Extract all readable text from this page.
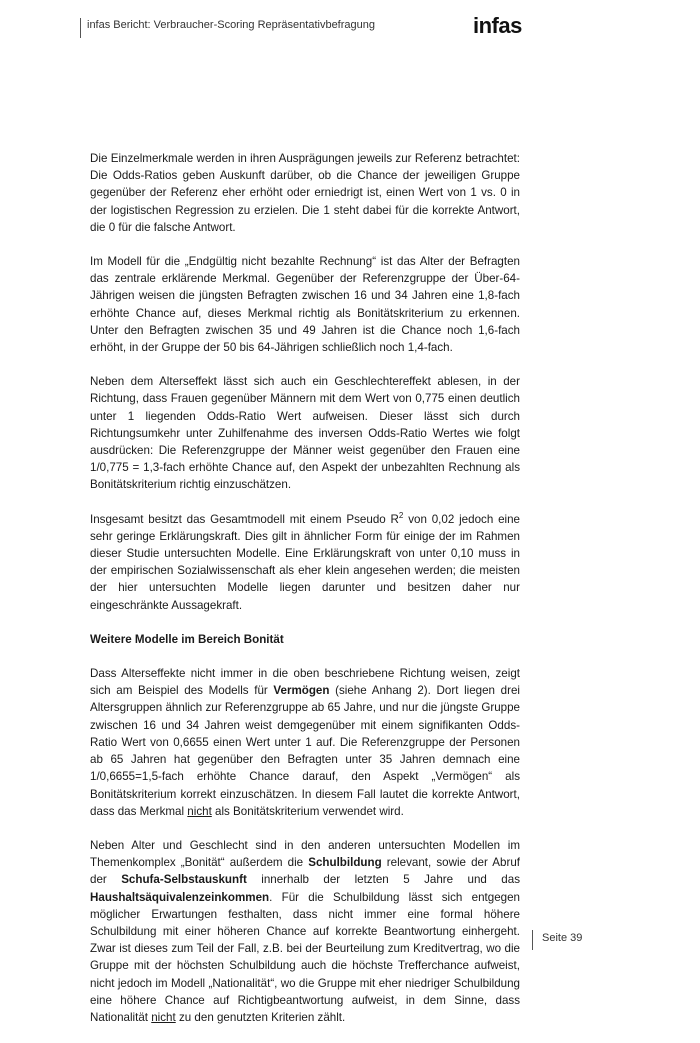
infas Bericht: Verbraucher-Scoring Repräsentativbefragung	infas

Die Einzelmerkmale werden in ihren Ausprägungen jeweils zur Referenz betrachtet: Die Odds-Ratios geben Auskunft darüber, ob die Chance der jeweiligen Gruppe gegenüber der Referenz eher erhöht oder erniedrigt ist, einen Wert von 1 vs. 0 in der logistischen Regression zu erzielen. Die 1 steht dabei für die korrekte Antwort, die 0 für die falsche Antwort.

Im Modell für die „Endgültig nicht bezahlte Rechnung“ ist das Alter der Befragten das zentrale erklärende Merkmal. Gegenüber der Referenzgruppe der Über-64-Jährigen weisen die jüngsten Befragten zwischen 16 und 34 Jahren eine 1,8-fach erhöhte Chance auf, dieses Merkmal richtig als Bonitätskriterium zu erkennen. Unter den Befragten zwischen 35 und 49 Jahren ist die Chance noch 1,6-fach erhöht, in der Gruppe der 50 bis 64-Jährigen schließlich noch 1,4-fach.

Neben dem Alterseffekt lässt sich auch ein Geschlechtereffekt ablesen, in der Richtung, dass Frauen gegenüber Männern mit dem Wert von 0,775 einen deutlich unter 1 liegenden Odds-Ratio Wert aufweisen. Dieser lässt sich durch Richtungsumkehr unter Zuhilfenahme des inversen Odds-Ratio Wertes wie folgt ausdrücken: Die Referenzgruppe der Männer weist gegenüber den Frauen eine 1/0,775 = 1,3-fach erhöhte Chance auf, den Aspekt der unbezahlten Rechnung als Bonitätskriterium richtig einzuschätzen.

Insgesamt besitzt das Gesamtmodell mit einem Pseudo $R^2$ von 0,02 jedoch eine sehr geringe Erklärungskraft. Dies gilt in ähnlicher Form für einige der im Rahmen dieser Studie untersuchten Modelle. Eine Erklärungskraft von unter 0,10 muss in der empirischen Sozialwissenschaft als eher klein angesehen werden; die meisten der hier untersuchten Modelle liegen darunter und besitzen daher nur eingeschränkte Aussagekraft.

Weitere Modelle im Bereich Bonität

Dass Alterseffekte nicht immer in die oben beschriebene Richtung weisen, zeigt sich am Beispiel des Modells für Vermögen (siehe Anhang 2). Dort liegen drei Altersgruppen ähnlich zur Referenzgruppe ab 65 Jahre, und nur die jüngste Gruppe zwischen 16 und 34 Jahren weist demgegenüber mit einem signifikanten Odds-Ratio Wert von 0,6655 einen Wert unter 1 auf. Die Referenzgruppe der Personen ab 65 Jahren hat gegenüber den Befragten unter 35 Jahren demnach eine 1/0,6655=1,5-fach erhöhte Chance darauf, den Aspekt „Vermögen“ als Bonitätskriterium korrekt einzuschätzen. In diesem Fall lautet die korrekte Antwort, dass das Merkmal nicht als Bonitätskriterium verwendet wird.

Neben Alter und Geschlecht sind in den anderen untersuchten Modellen im Themenkomplex „Bonität“ außerdem die Schulbildung relevant, sowie der Abruf der Schufa-Selbstauskunft innerhalb der letzten 5 Jahre und das Haushaltsäquivalenzeinkommen. Für die Schulbildung lässt sich entgegen möglicher Erwartungen festhalten, dass nicht immer eine formal höhere Schulbildung mit einer höheren Chance auf korrekte Beantwortung einhergeht. Zwar ist dieses zum Teil der Fall, z.B. bei der Beurteilung zum Kreditvertrag, wo die Gruppe mit der höchsten Schulbildung auch die höchste Trefferchance aufweist, nicht jedoch im Modell „Nationalität“, wo die Gruppe mit eher niedriger Schulbildung eine höhere Chance auf Richtigbeantwortung aufweist, in dem Sinne, dass Nationalität nicht zu den genutzten Kriterien zählt.

Seite 39
